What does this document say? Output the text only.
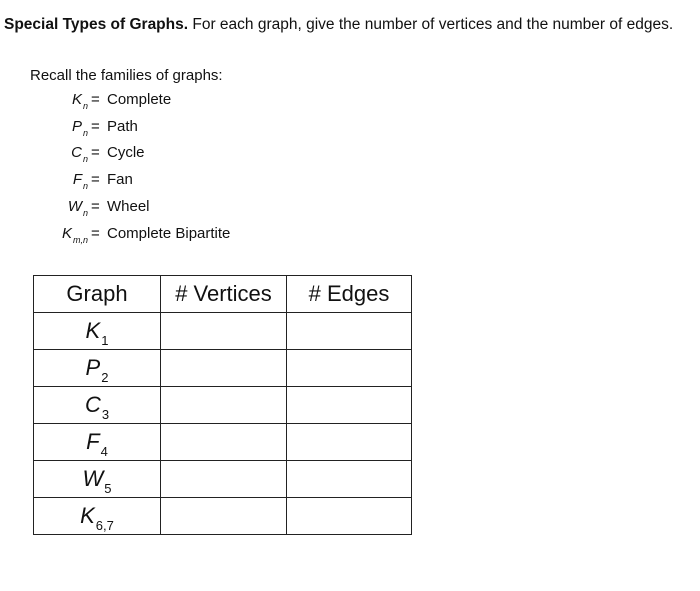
Special Types of Graphs. For each graph, give the number of vertices and the number of edges.
Recall the families of graphs:
$K_n$ = Complete
$P_n$ = Path
$C_n$ = Cycle
$F_n$ = Fan
$W_n$ = Wheel
$K_{m,n}$ = Complete Bipartite
Graph	# Vertices	# Edges
$K_1$		
$P_2$		
$C_3$		
$F_4$		
$W_5$		
$K_{6,7}$		
